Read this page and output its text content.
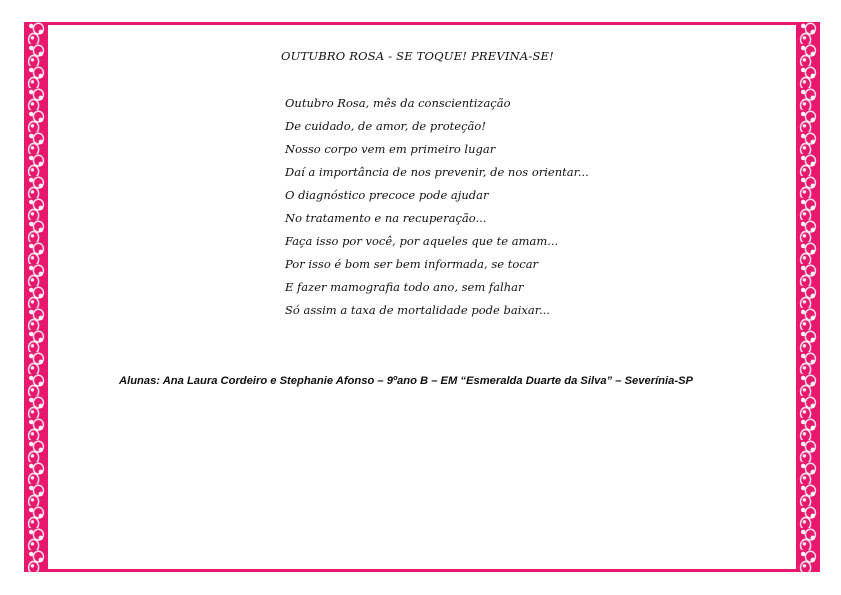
OUTUBRO ROSA - SE TOQUE! PREVINA-SE!
Outubro Rosa, mês da conscientização
De cuidado, de amor, de proteção!
Nosso corpo vem em primeiro lugar
Daí a importância de nos prevenir, de nos orientar...
O diagnóstico precoce pode ajudar
No tratamento e na recuperação...
Faça isso por você, por aqueles que te amam...
Por isso é bom ser bem informada, se tocar
E fazer mamografia todo ano, sem falhar
Só assim a taxa de mortalidade pode baixar...
Alunas: Ana Laura Cordeiro e Stephanie Afonso – 9ºano B – EM “Esmeralda Duarte da Silva” – Severínia-SP
